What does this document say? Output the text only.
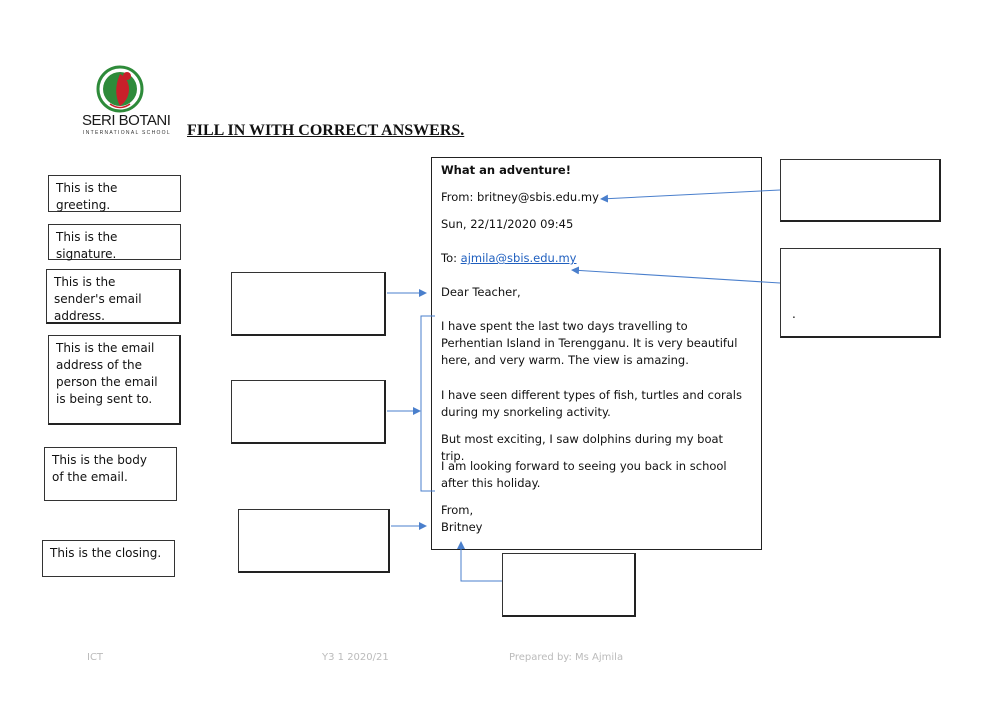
SERI BOTANI
INTERNATIONAL SCHOOL FILL IN WITH CORRECT ANSWERS.
This is the greeting.
This is the signature.
This is the sender's email address.
This is the email address of the person the email is being sent to.
This is the body of the email.
This is the closing.
.
What an adventure!
From: britney@sbis.edu.my
Sun, 22/11/2020 09:45
To: ajmila@sbis.edu.my
Dear Teacher,
I have spent the last two days travelling to Perhentian Island in Terengganu. It is very beautiful here, and very warm. The view is amazing.
I have seen different types of fish, turtles and corals during my snorkeling activity.
But most exciting, I saw dolphins during my boat trip.
I am looking forward to seeing you back in school after this holiday.
From,
Britney
ICT	Y3 1 2020/21	Prepared by: Ms Ajmila
